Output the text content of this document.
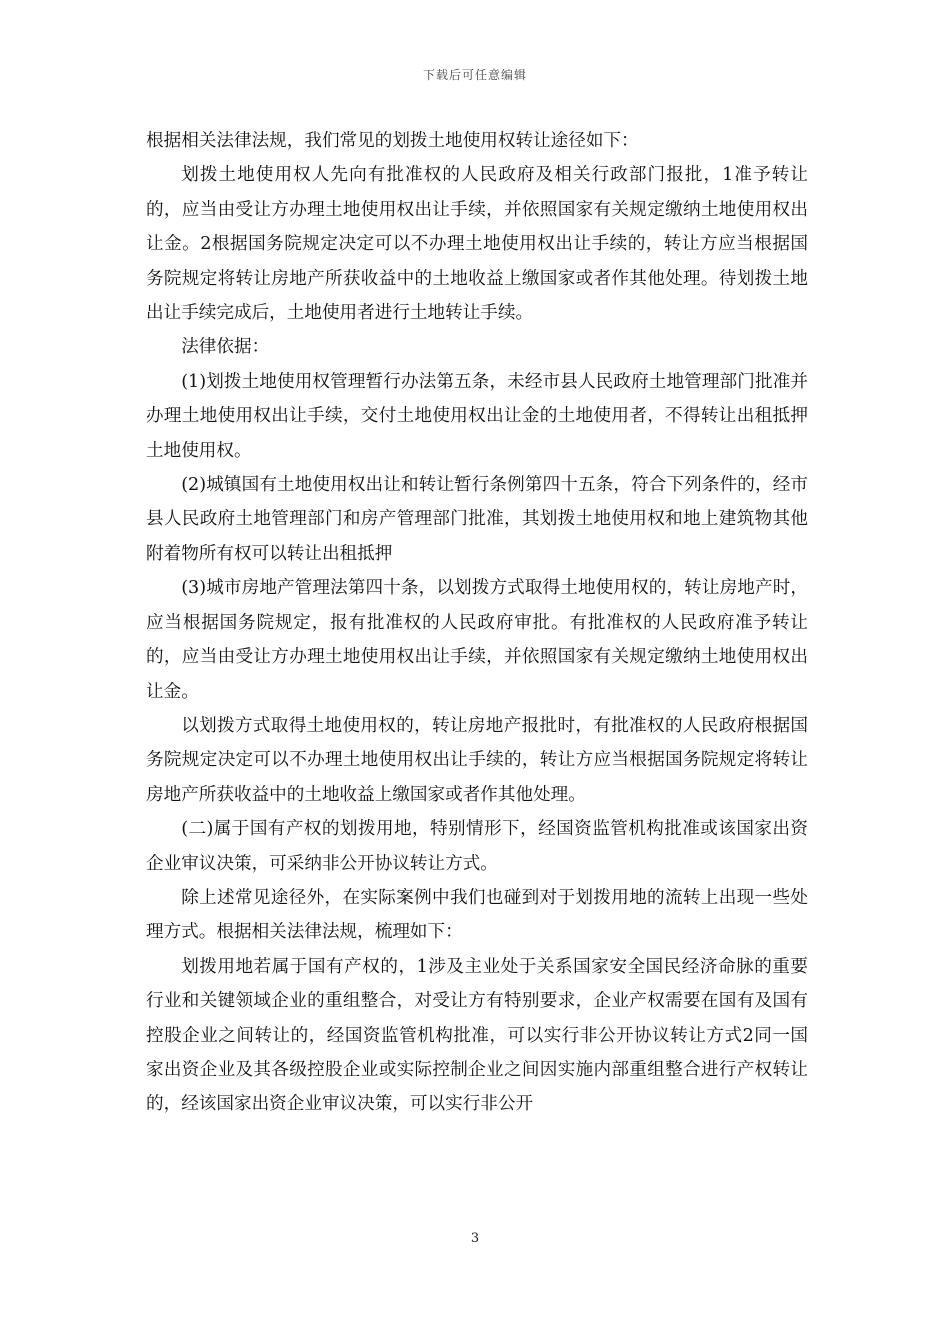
下载后可任意编辑

根据相关法律法规，我们常见的划拨土地使用权转让途径如下：

划拨土地使用权人先向有批准权的人民政府及相关行政部门报批，1准予转让的，应当由受让方办理土地使用权出让手续，并依照国家有关规定缴纳土地使用权出让金。2根据国务院规定决定可以不办理土地使用权出让手续的，转让方应当根据国务院规定将转让房地产所获收益中的土地收益上缴国家或者作其他处理。待划拨土地出让手续完成后，土地使用者进行土地转让手续。

法律依据：

(1)划拨土地使用权管理暂行办法第五条，未经市县人民政府土地管理部门批准并办理土地使用权出让手续，交付土地使用权出让金的土地使用者，不得转让出租抵押土地使用权。

(2)城镇国有土地使用权出让和转让暂行条例第四十五条，符合下列条件的，经市县人民政府土地管理部门和房产管理部门批准，其划拨土地使用权和地上建筑物其他附着物所有权可以转让出租抵押

(3)城市房地产管理法第四十条，以划拨方式取得土地使用权的，转让房地产时，应当根据国务院规定，报有批准权的人民政府审批。有批准权的人民政府准予转让的，应当由受让方办理土地使用权出让手续，并依照国家有关规定缴纳土地使用权出让金。

以划拨方式取得土地使用权的，转让房地产报批时，有批准权的人民政府根据国务院规定决定可以不办理土地使用权出让手续的，转让方应当根据国务院规定将转让房地产所获收益中的土地收益上缴国家或者作其他处理。

(二)属于国有产权的划拨用地，特别情形下，经国资监管机构批准或该国家出资企业审议决策，可采纳非公开协议转让方式。

除上述常见途径外，在实际案例中我们也碰到对于划拨用地的流转上出现一些处理方式。根据相关法律法规，梳理如下：

划拨用地若属于国有产权的，1涉及主业处于关系国家安全国民经济命脉的重要行业和关键领域企业的重组整合，对受让方有特别要求，企业产权需要在国有及国有控股企业之间转让的，经国资监管机构批准，可以实行非公开协议转让方式2同一国家出资企业及其各级控股企业或实际控制企业之间因实施内部重组整合进行产权转让的，经该国家出资企业审议决策，可以实行非公开

3
